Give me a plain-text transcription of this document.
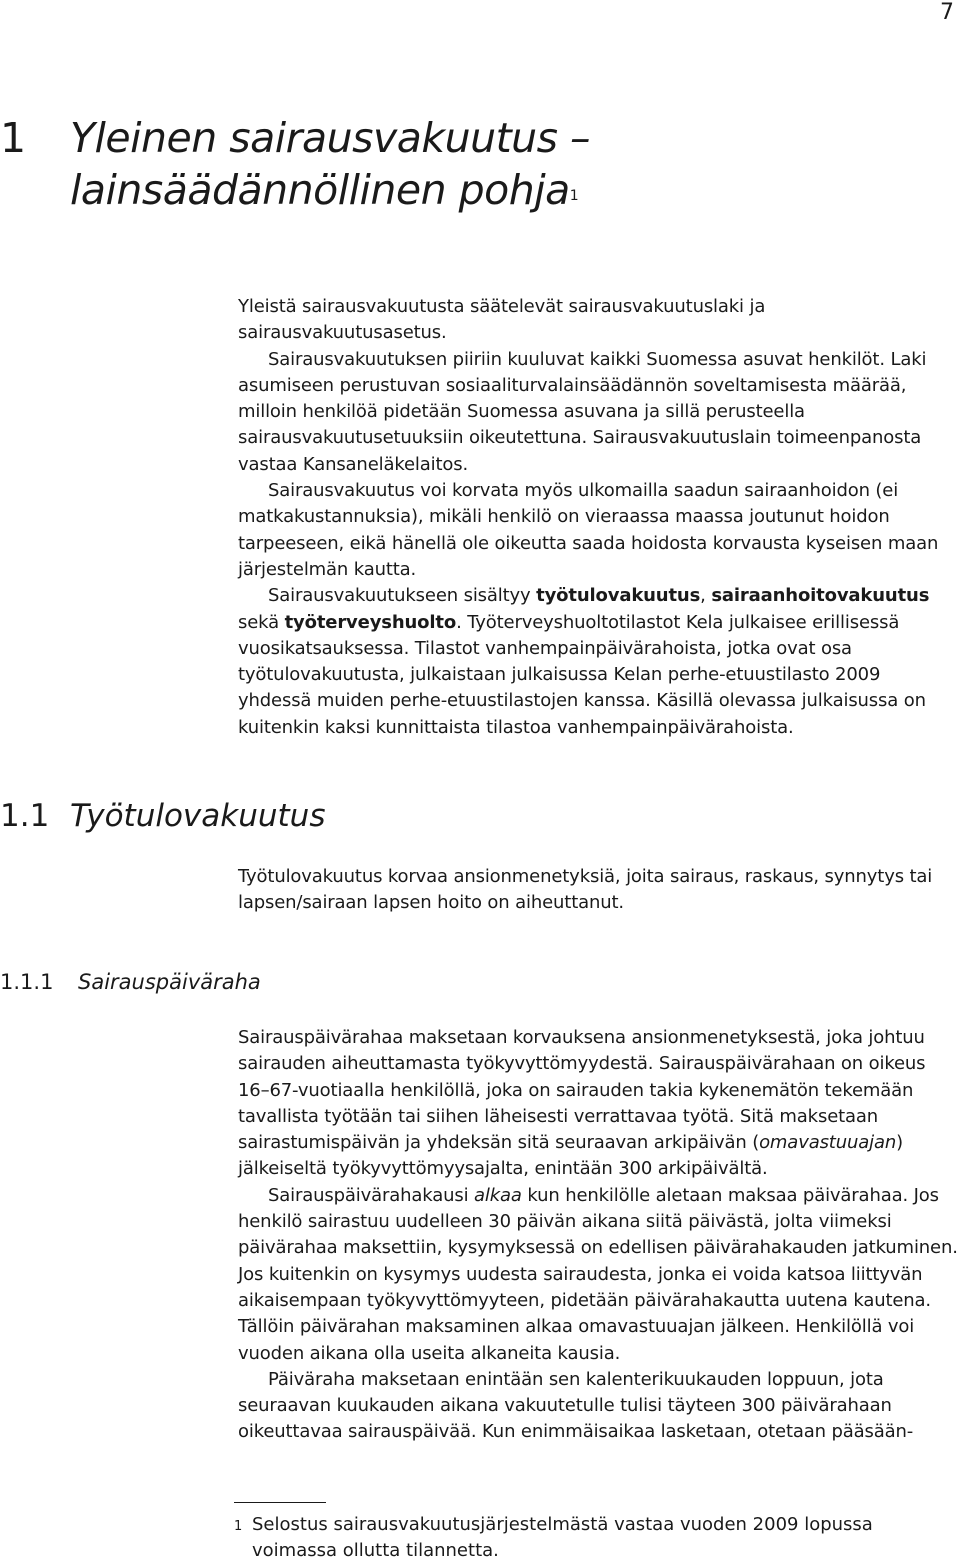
7
1 Yleinen sairausvakuutus –
lainsäädännöllinen pohja$^1$

Yleistä sairausvakuutusta säätelevät sairausvakuutuslaki ja sairausvakuutusasetus.

Sairausvakuutuksen piiriin kuuluvat kaikki Suomessa asuvat henkilöt. Laki asumiseen perustuvan sosiaaliturvalainsäädännön soveltamisesta määrää, milloin henkilöä pidetään Suomessa asuvana ja sillä perusteella sairausvakuutusetuuksiin oikeutettuna. Sairausvakuutuslain toimeenpanosta vastaa Kansaneläkelaitos.

Sairausvakuutus voi korvata myös ulkomailla saadun sairaanhoidon (ei matkakustannuksia), mikäli henkilö on vieraassa maassa joutunut hoidon tarpeeseen, eikä hänellä ole oikeutta saada hoidosta korvausta kyseisen maan järjestelmän kautta.

Sairausvakuutukseen sisältyy työtulovakuutus, sairaanhoitovakuutus sekä työterveyshuolto. Työterveyshuoltotilastot Kela julkaisee erillisessä vuosikatsauksessa. Tilastot vanhempainpäivärahoista, jotka ovat osa työtulovakuutusta, julkaistaan julkaisussa Kelan perhe-etuustilasto 2009 yhdessä muiden perhe-etuustilastojen kanssa. Käsillä olevassa julkaisussa on kuitenkin kaksi kunnittaista tilastoa vanhempainpäivärahoista.

1.1 Työtulovakuutus

Työtulovakuutus korvaa ansionmenetyksiä, joita sairaus, raskaus, synnytys tai lapsen/sairaan lapsen hoito on aiheuttanut.

1.1.1 Sairauspäiväraha

Sairauspäivärahaa maksetaan korvauksena ansionmenetyksestä, joka johtuu sairauden aiheuttamasta työkyvyttömyydestä. Sairauspäivärahaan on oikeus 16–67-vuotiaalla henkilöllä, joka on sairauden takia kykenemätön tekemään tavallista työtään tai siihen läheisesti verrattavaa työtä. Sitä maksetaan sairastumispäivän ja yhdeksän sitä seuraavan arkipäivän (omavastuuajan) jälkeiseltä työkyvyttömyysajalta, enintään 300 arkipäivältä.

Sairauspäivärahakausi alkaa kun henkilölle aletaan maksaa päivärahaa. Jos henkilö sairastuu uudelleen 30 päivän aikana siitä päivästä, jolta viimeksi päivärahaa maksettiin, kysymyksessä on edellisen päivärahakauden jatkuminen. Jos kuitenkin on kysymys uudesta sairaudesta, jonka ei voida katsoa liittyvän aikaisempaan työkyvyttömyyteen, pidetään päivärahakautta uutena kautena. Tällöin päivärahan maksaminen alkaa omavastuuajan jälkeen. Henkilöllä voi vuoden aikana olla useita alkaneita kausia.

Päiväraha maksetaan enintään sen kalenterikuukauden loppuun, jota seuraavan kuukauden aikana vakuutetulle tulisi täyteen 300 päivärahaan oikeuttavaa sairauspäivää. Kun enimmäisaikaa lasketaan, otetaan pääsään-

1 Selostus sairausvakuutusjärjestelmästä vastaa vuoden 2009 lopussa voimassa ollutta tilannetta.
